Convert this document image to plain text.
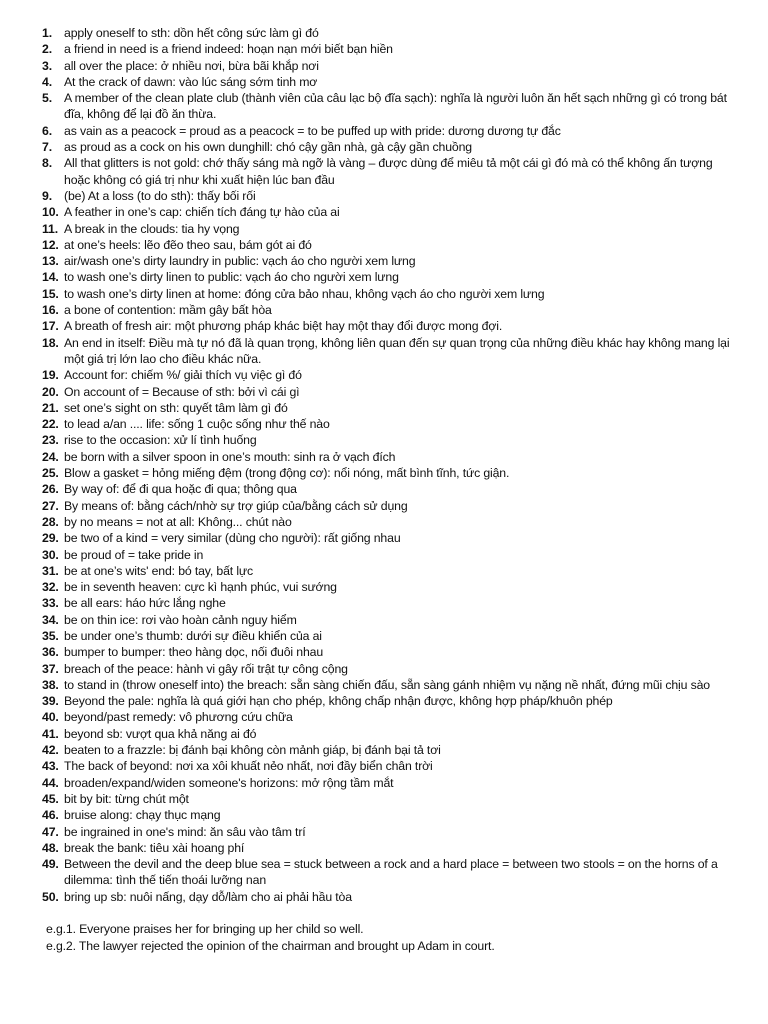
1. apply oneself to sth: dồn hết công sức làm gì đó
2. a friend in need is a friend indeed: hoạn nạn mới biết bạn hiền
3. all over the place: ở nhiều nơi, bừa bãi khắp nơi
4. At the crack of dawn: vào lúc sáng sớm tinh mơ
5. A member of the clean plate club (thành viên của câu lạc bộ đĩa sạch): nghĩa là người luôn ăn hết sạch những gì có trong bát đĩa, không để lại đồ ăn thừa.
6. as vain as a peacock = proud as a peacock = to be puffed up with pride: dương dương tự đắc
7. as proud as a cock on his own dunghill: chó cậy gần nhà, gà cậy gần chuồng
8. All that glitters is not gold: chớ thấy sáng mà ngỡ là vàng – được dùng để miêu tả một cái gì đó mà có thể không ấn tượng hoặc không có giá trị như khi xuất hiện lúc ban đầu
9. (be) At a loss (to do sth): thấy bối rối
10. A feather in one’s cap: chiến tích đáng tự hào của ai
11. A break in the clouds: tia hy vọng
12. at one’s heels: lẽo đẽo theo sau, bám gót ai đó
13. air/wash one’s dirty laundry in public: vạch áo cho người xem lưng
14. to wash one’s dirty linen to public: vạch áo cho người xem lưng
15. to wash one’s dirty linen at home: đóng cửa bảo nhau, không vạch áo cho người xem lưng
16. a bone of contention: mầm gây bất hòa
17. A breath of fresh air: một phương pháp khác biệt hay một thay đổi được mong đợi.
18. An end in itself: Điều mà tự nó đã là quan trọng, không liên quan đến sự quan trọng của những điều khác hay không mang lại một giá trị lớn lao cho điều khác nữa.
19. Account for: chiếm %/ giải thích vụ việc gì đó
20. On account of = Because of sth: bởi vì cái gì
21. set one’s sight on sth: quyết tâm làm gì đó
22. to lead a/an .... life: sống 1 cuộc sống như thế nào
23. rise to the occasion: xử lí tình huống
24. be born with a silver spoon in one’s mouth: sinh ra ở vạch đích
25. Blow a gasket = hỏng miếng đệm (trong động cơ): nổi nóng, mất bình tĩnh, tức giận.
26. By way of: để đi qua hoặc đi qua; thông qua
27. By means of: bằng cách/nhờ sự trợ giúp của/bằng cách sử dụng
28. by no means = not at all: Không... chút nào
29. be two of a kind = very similar (dùng cho người): rất giống nhau
30. be proud of = take pride in
31. be at one’s wits' end: bó tay, bất lực
32. be in seventh heaven: cực kì hạnh phúc, vui sướng
33. be all ears: háo hức lắng nghe
34. be on thin ice: rơi vào hoàn cảnh nguy hiểm
35. be under one’s thumb: dưới sự điều khiển của ai
36. bumper to bumper: theo hàng dọc, nối đuôi nhau
37. breach of the peace: hành vi gây rối trật tự công cộng
38. to stand in (throw oneself into) the breach: sẵn sàng chiến đấu, sẵn sàng gánh nhiệm vụ nặng nề nhất, đứng mũi chịu sào
39. Beyond the pale: nghĩa là quá giới hạn cho phép, không chấp nhận được, không hợp pháp/khuôn phép
40. beyond/past remedy: vô phương cứu chữa
41. beyond sb: vượt qua khả năng ai đó
42. beaten to a frazzle: bị đánh bại không còn mảnh giáp, bị đánh bại tả tơi
43. The back of beyond: nơi xa xôi khuất nẻo nhất, nơi đầy biển chân trời
44. broaden/expand/widen someone's horizons: mở rộng tầm mắt
45. bit by bit: từng chút một
46. bruise along: chạy thục mạng
47. be ingrained in one's mind: ăn sâu vào tâm trí
48. break the bank: tiêu xài hoang phí
49. Between the devil and the deep blue sea = stuck between a rock and a hard place = between two stools = on the horns of a dilemma: tình thế tiến thoái lưỡng nan
50. bring up sb: nuôi nấng, dạy dỗ/làm cho ai phải hầu tòa

e.g.1. Everyone praises her for bringing up her child so well.

e.g.2. The lawyer rejected the opinion of the chairman and brought up Adam in court.
